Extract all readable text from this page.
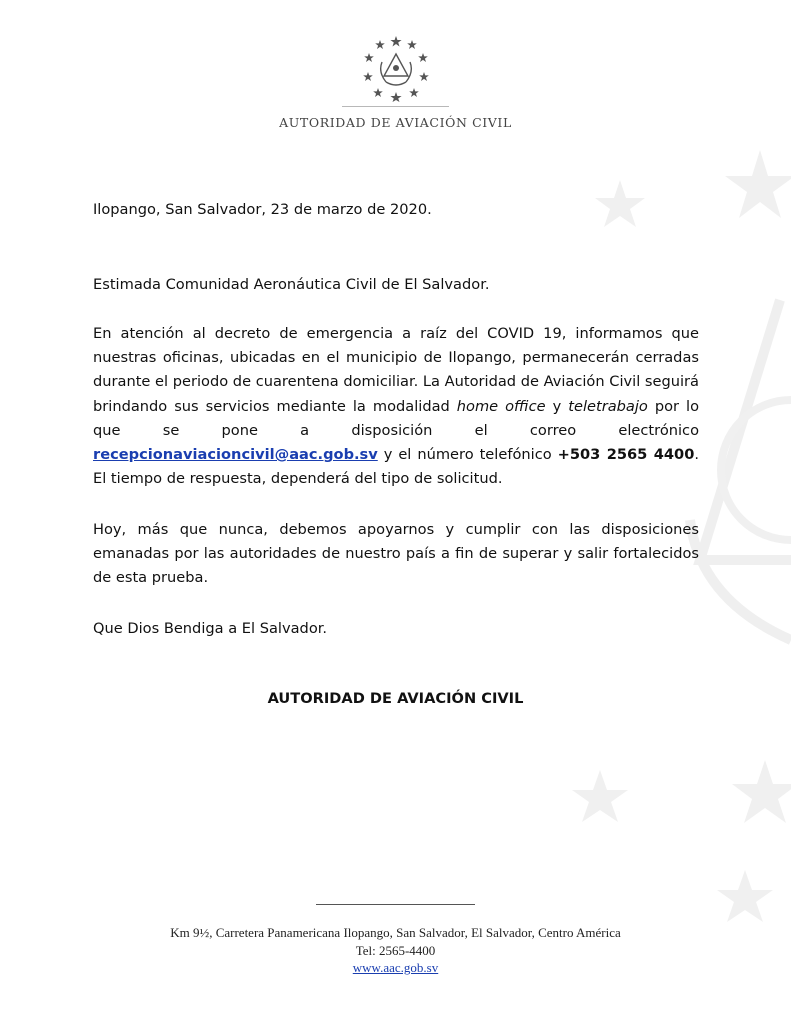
AUTORIDAD DE AVIACIÓN CIVIL

Ilopango, San Salvador, 23 de marzo de 2020.

Estimada Comunidad Aeronáutica Civil de El Salvador.

En atención al decreto de emergencia a raíz del COVID 19, informamos que nuestras oficinas, ubicadas en el municipio de Ilopango, permanecerán cerradas durante el periodo de cuarentena domiciliar. La Autoridad de Aviación Civil seguirá brindando sus servicios mediante la modalidad home office y teletrabajo por lo que se pone a disposición el correo electrónico recepcionaviacioncivil@aac.gob.sv y el número telefónico +503 2565 4400. El tiempo de respuesta, dependerá del tipo de solicitud.

Hoy, más que nunca, debemos apoyarnos y cumplir con las disposiciones emanadas por las autoridades de nuestro país a fin de superar y salir fortalecidos de esta prueba.

Que Dios Bendiga a El Salvador.

AUTORIDAD DE AVIACIÓN CIVIL
Km 9½, Carretera Panamericana Ilopango, San Salvador, El Salvador, Centro América
Tel: 2565-4400
www.aac.gob.sv
